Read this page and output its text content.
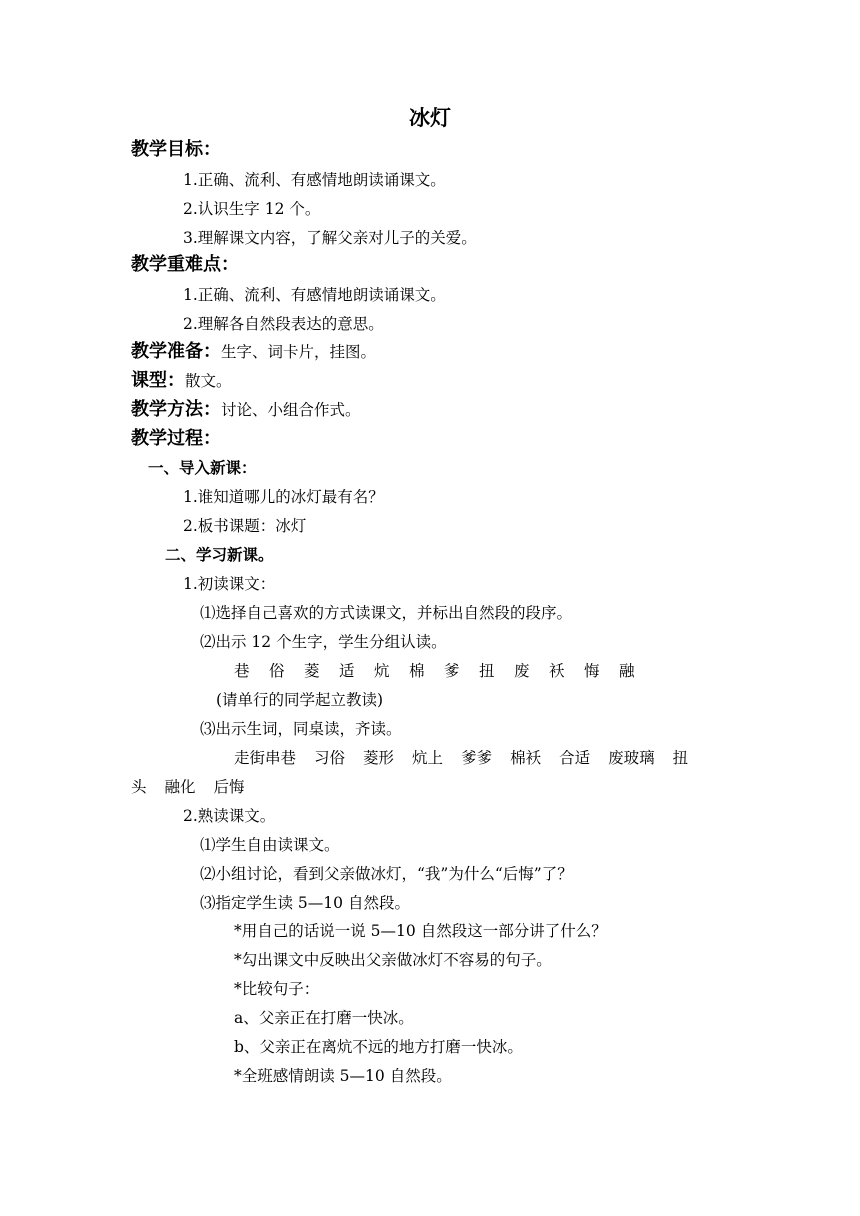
冰灯
教学目标：
1.正确、流利、有感情地朗读诵课文。
2.认识生字 12 个。
3.理解课文内容，了解父亲对儿子的关爱。
教学重难点：
1.正确、流利、有感情地朗读诵课文。
2.理解各自然段表达的意思。
教学准备：生字、词卡片，挂图。
课型：散文。
教学方法：讨论、小组合作式。
教学过程：
一、导入新课：
1.谁知道哪儿的冰灯最有名？
2.板书课题：冰灯
二、学习新课。
1.初读课文：
⑴选择自己喜欢的方式读课文，并标出自然段的段序。
⑵出示 12 个生字，学生分组认读。
巷 俗 菱 适 炕 棉 爹 扭 废 袄 悔 融
(请单行的同学起立教读)
⑶出示生词，同桌读，齐读。
走街串巷 习俗 菱形 炕上 爹爹 棉袄 合适 废玻璃 扭
头 融化 后悔
2.熟读课文。
⑴学生自由读课文。
⑵小组讨论，看到父亲做冰灯，“我”为什么“后悔”了？
⑶指定学生读 5—10 自然段。
*用自己的话说一说 5—10 自然段这一部分讲了什么？
*勾出课文中反映出父亲做冰灯不容易的句子。
*比较句子：
a、父亲正在打磨一快冰。
b、父亲正在离炕不远的地方打磨一快冰。
*全班感情朗读 5—10 自然段。
